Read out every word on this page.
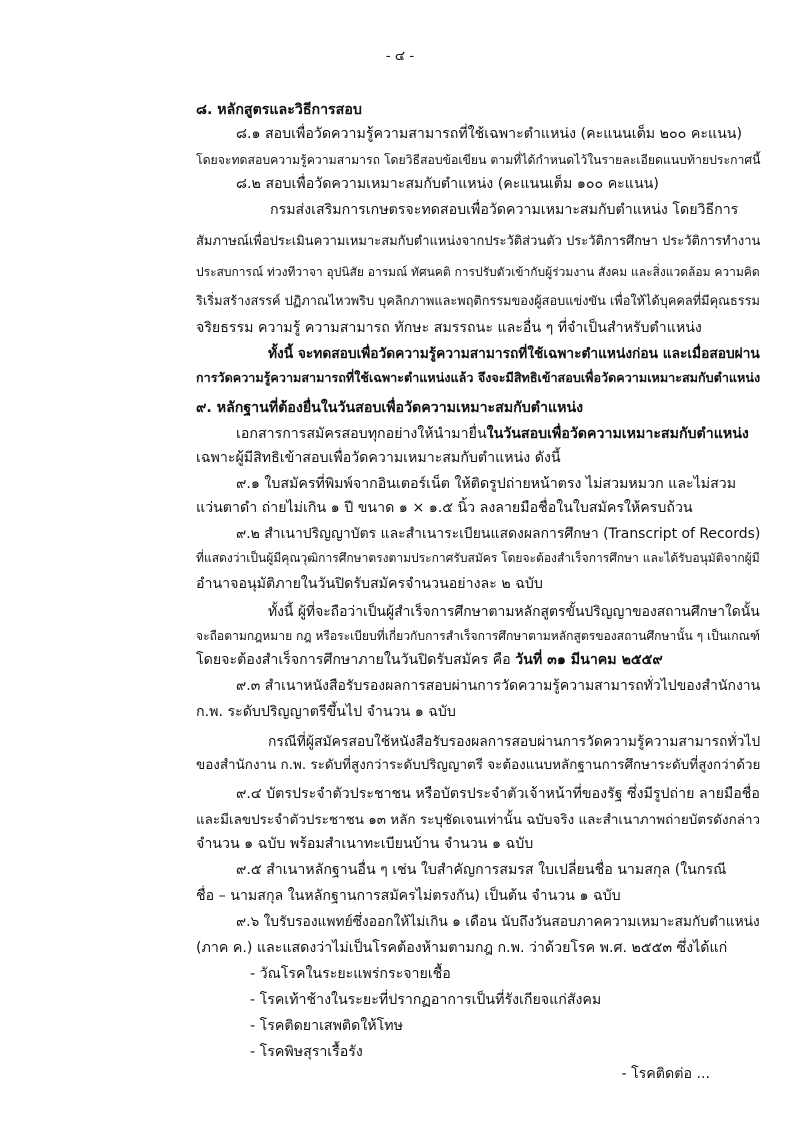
- ๔ -
๘. หลักสูตรและวิธีการสอบ
๘.๑ สอบเพื่อวัดความรู้ความสามารถที่ใช้เฉพาะตำแหน่ง (คะแนนเต็ม ๒๐๐ คะแนน)
โดยจะทดสอบความรู้ความสามารถ โดยวิธีสอบข้อเขียน ตามที่ได้กำหนดไว้ในรายละเอียดแนบท้ายประกาศนี้
๘.๒ สอบเพื่อวัดความเหมาะสมกับตำแหน่ง (คะแนนเต็ม ๑๐๐ คะแนน)
กรมส่งเสริมการเกษตรจะทดสอบเพื่อวัดความเหมาะสมกับตำแหน่ง โดยวิธีการ
สัมภาษณ์เพื่อประเมินความเหมาะสมกับตำแหน่งจากประวัติส่วนตัว ประวัติการศึกษา ประวัติการทำงาน
ประสบการณ์ ท่วงทีวาจา อุปนิสัย อารมณ์ ทัศนคติ การปรับตัวเข้ากับผู้ร่วมงาน สังคม และสิ่งแวดล้อม ความคิด
ริเริ่มสร้างสรรค์ ปฏิภาณไหวพริบ บุคลิกภาพและพฤติกรรมของผู้สอบแข่งขัน เพื่อให้ได้บุคคลที่มีคุณธรรม
จริยธรรม ความรู้ ความสามารถ ทักษะ สมรรถนะ และอื่น ๆ ที่จำเป็นสำหรับตำแหน่ง
ทั้งนี้ จะทดสอบเพื่อวัดความรู้ความสามารถที่ใช้เฉพาะตำแหน่งก่อน และเมื่อสอบผ่าน
การวัดความรู้ความสามารถที่ใช้เฉพาะตำแหน่งแล้ว จึงจะมีสิทธิเข้าสอบเพื่อวัดความเหมาะสมกับตำแหน่ง
๙. หลักฐานที่ต้องยื่นในวันสอบเพื่อวัดความเหมาะสมกับตำแหน่ง
เอกสารการสมัครสอบทุกอย่างให้นำมายื่นในวันสอบเพื่อวัดความเหมาะสมกับตำแหน่ง
เฉพาะผู้มีสิทธิเข้าสอบเพื่อวัดความเหมาะสมกับตำแหน่ง ดังนี้
๙.๑ ใบสมัครที่พิมพ์จากอินเตอร์เน็ต ให้ติดรูปถ่ายหน้าตรง ไม่สวมหมวก และไม่สวม
แว่นตาดำ ถ่ายไม่เกิน ๑ ปี ขนาด ๑ × ๑.๕ นิ้ว ลงลายมือชื่อในใบสมัครให้ครบถ้วน
๙.๒ สำเนาปริญญาบัตร และสำเนาระเบียนแสดงผลการศึกษา (Transcript of Records)
ที่แสดงว่าเป็นผู้มีคุณวุฒิการศึกษาตรงตามประกาศรับสมัคร โดยจะต้องสำเร็จการศึกษา และได้รับอนุมัติจากผู้มี
อำนาจอนุมัติภายในวันปิดรับสมัครจำนวนอย่างละ ๒ ฉบับ
ทั้งนี้ ผู้ที่จะถือว่าเป็นผู้สำเร็จการศึกษาตามหลักสูตรขั้นปริญญาของสถานศึกษาใดนั้น
จะถือตามกฎหมาย กฎ หรือระเบียบที่เกี่ยวกับการสำเร็จการศึกษาตามหลักสูตรของสถานศึกษานั้น ๆ เป็นเกณฑ์
โดยจะต้องสำเร็จการศึกษาภายในวันปิดรับสมัคร คือ วันที่ ๓๑ มีนาคม ๒๕๕๙
๙.๓ สำเนาหนังสือรับรองผลการสอบผ่านการวัดความรู้ความสามารถทั่วไปของสำนักงาน
ก.พ. ระดับปริญญาตรีขึ้นไป จำนวน ๑ ฉบับ
กรณีที่ผู้สมัครสอบใช้หนังสือรับรองผลการสอบผ่านการวัดความรู้ความสามารถทั่วไป
ของสำนักงาน ก.พ. ระดับที่สูงกว่าระดับปริญญาตรี จะต้องแนบหลักฐานการศึกษาระดับที่สูงกว่าด้วย
๙.๔ บัตรประจำตัวประชาชน หรือบัตรประจำตัวเจ้าหน้าที่ของรัฐ ซึ่งมีรูปถ่าย ลายมือชื่อ
และมีเลขประจำตัวประชาชน ๑๓ หลัก ระบุชัดเจนเท่านั้น ฉบับจริง และสำเนาภาพถ่ายบัตรดังกล่าว
จำนวน ๑ ฉบับ พร้อมสำเนาทะเบียนบ้าน จำนวน ๑ ฉบับ
๙.๕ สำเนาหลักฐานอื่น ๆ เช่น ใบสำคัญการสมรส ใบเปลี่ยนชื่อ นามสกุล (ในกรณี
ชื่อ – นามสกุล ในหลักฐานการสมัครไม่ตรงกัน) เป็นต้น จำนวน ๑ ฉบับ
๙.๖ ใบรับรองแพทย์ซึ่งออกให้ไม่เกิน ๑ เดือน นับถึงวันสอบภาคความเหมาะสมกับตำแหน่ง
(ภาค ค.) และแสดงว่าไม่เป็นโรคต้องห้ามตามกฎ ก.พ. ว่าด้วยโรค พ.ศ. ๒๕๕๓ ซึ่งได้แก่
- วัณโรคในระยะแพร่กระจายเชื้อ
- โรคเท้าช้างในระยะที่ปรากฏอาการเป็นที่รังเกียจแก่สังคม
- โรคติดยาเสพติดให้โทษ
- โรคพิษสุราเรื้อรัง
- โรคติดต่อ ...
